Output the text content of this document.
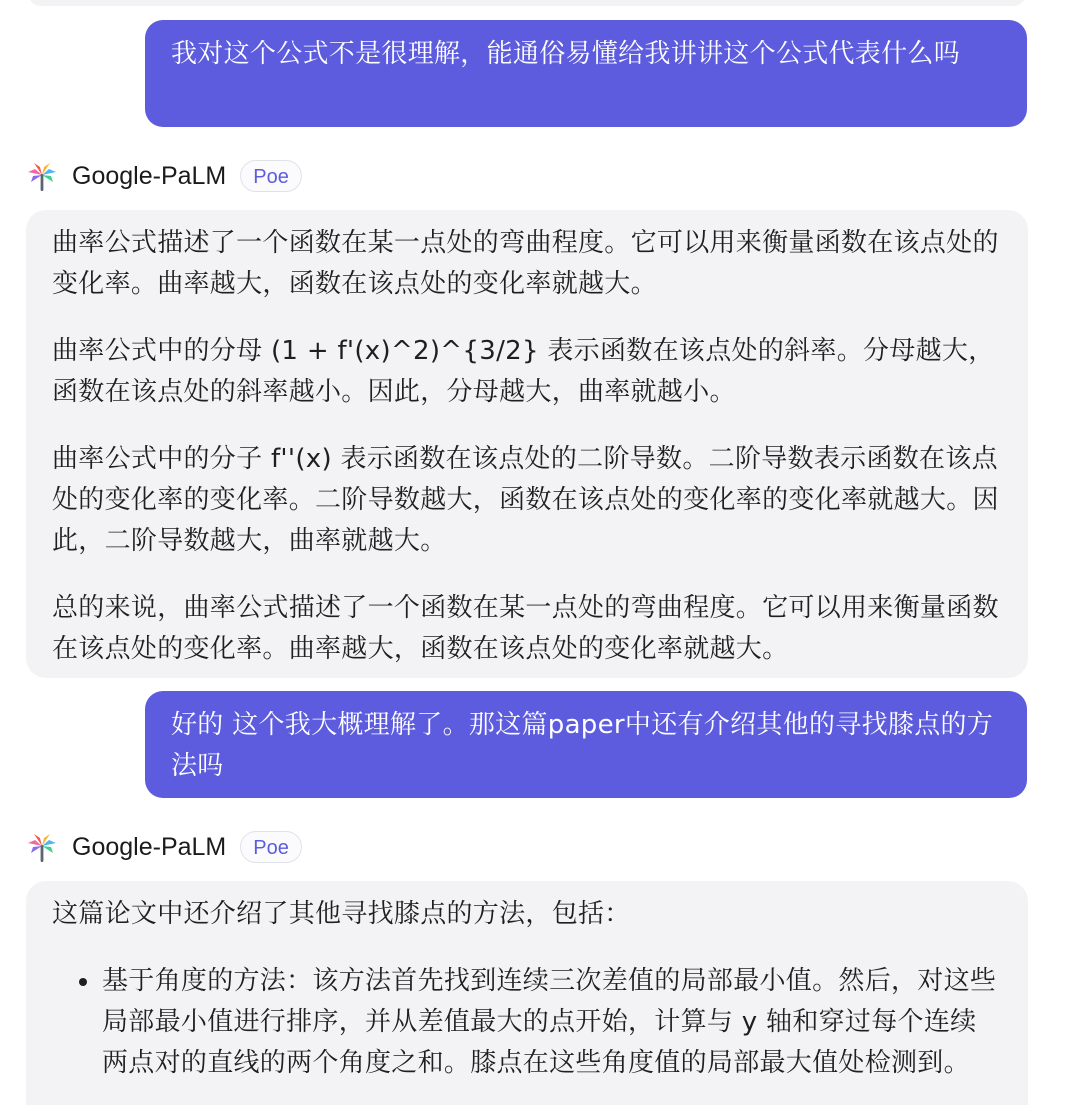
我对这个公式不是很理解，能通俗易懂给我讲讲这个公式代表什么吗
Google-PaLM	Poe

曲率公式描述了一个函数在某一点处的弯曲程度。它可以用来衡量函数在该点处的变化率。曲率越大，函数在该点处的变化率就越大。

曲率公式中的分母 (1 + f'(x)^2)^{3/2} 表示函数在该点处的斜率。分母越大，函数在该点处的斜率越小。因此，分母越大，曲率就越小。

曲率公式中的分子 f''(x) 表示函数在该点处的二阶导数。二阶导数表示函数在该点处的变化率的变化率。二阶导数越大，函数在该点处的变化率的变化率就越大。因此，二阶导数越大，曲率就越大。

总的来说，曲率公式描述了一个函数在某一点处的弯曲程度。它可以用来衡量函数在该点处的变化率。曲率越大，函数在该点处的变化率就越大。

好的 这个我大概理解了。那这篇paper中还有介绍其他的寻找膝点的方法吗
Google-PaLM	Poe

这篇论文中还介绍了其他寻找膝点的方法，包括：

基于角度的方法：该方法首先找到连续三次差值的局部最小值。然后，对这些局部最小值进行排序，并从差值最大的点开始，计算与 y 轴和穿过每个连续两点对的直线的两个角度之和。膝点在这些角度值的局部最大值处检测到。
